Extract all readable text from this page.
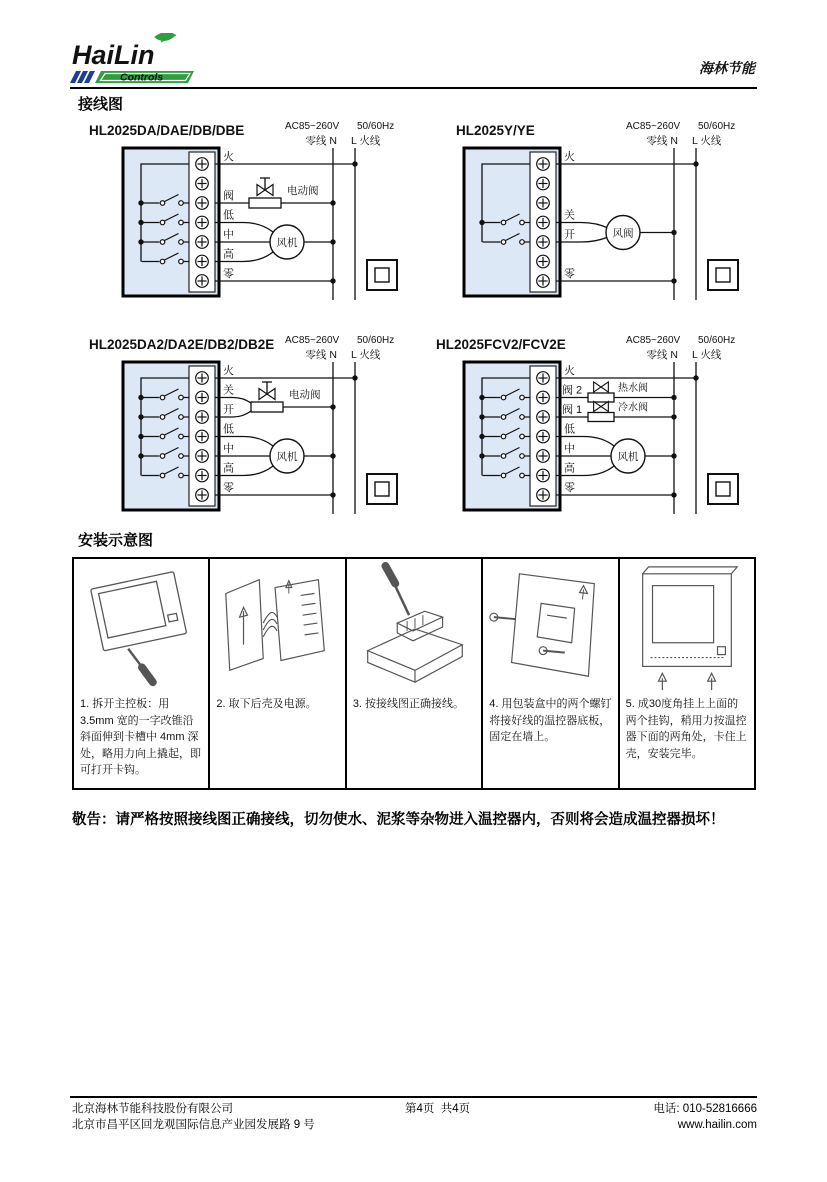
HaiLin
Controls
海林节能
接线图
HL2025DA/DAE/DB/DBE	AC85~260V 50/60Hz
零线 N L 火线
风机
电动阀
火
阀
低
中
高
零
HL2025Y/YE	AC85~260V 50/60Hz
零线 N L 火线
风阀
火
关
开
零
HL2025DA2/DA2E/DB2/DB2E AC85~260V 50/60Hz
零线 N L 火线
风机
电动阀
火
关
开
低
中
高
零
HL2025FCV2/FCV2E	AC85~260V 50/60Hz
零线 N L 火线
风机
热水阀
冷水阀
火
阀 2
阀 1
低
中
高
零
安装示意图
1. 拆开主控板：用 3.5mm 宽的一字改锥沿斜面伸到卡槽中 4mm 深处，略用力向上撬起，即可打开卡钩。
2. 取下后壳及电源。	3. 按接线图正确接线。	4. 用包装盒中的两个螺钉将接好线的温控器底板，固定在墙上。
5. 成30度角挂上上面的两个挂钩，稍用力按温控器下面的两角处，卡住上壳，安装完毕。
敬告：请严格按照接线图正确接线，切勿使水、泥浆等杂物进入温控器内，否则将会造成温控器损坏！
北京海林节能科技股份有限公司
北京市昌平区回龙观国际信息产业园发展路 9 号
第4页  共4页	电话: 010-52816666
www.hailin.com
